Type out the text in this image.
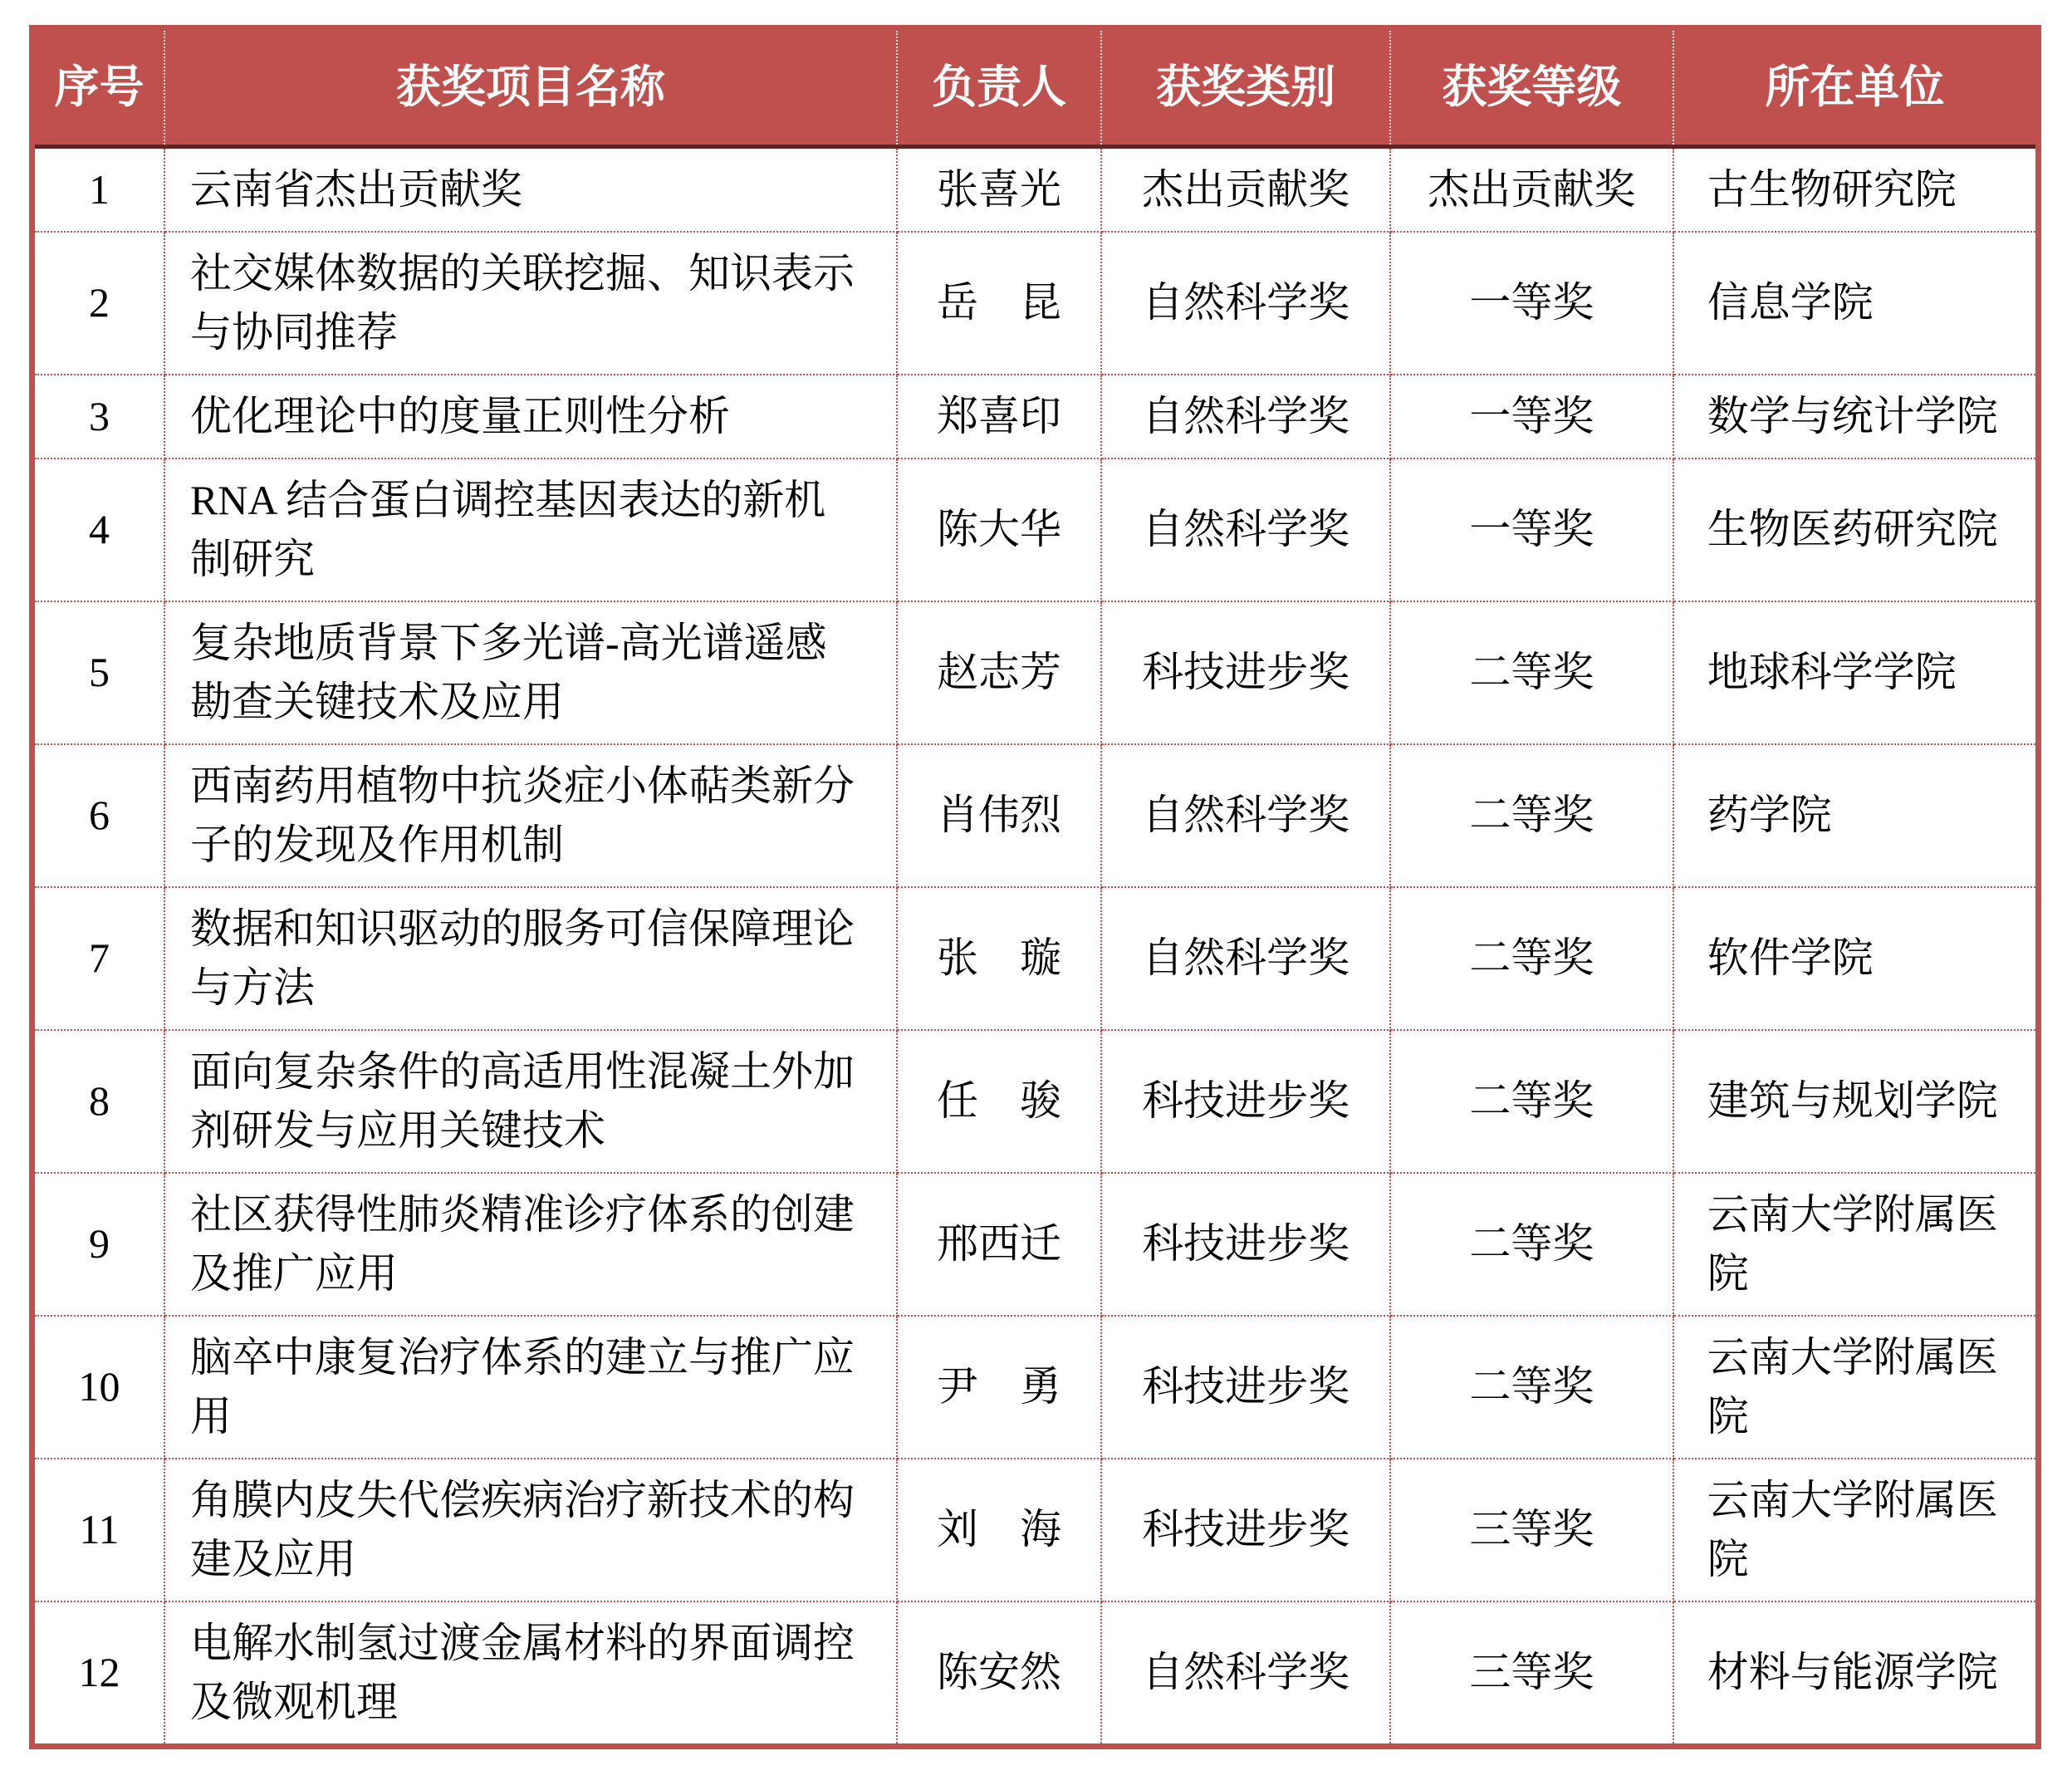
序号	获奖项目名称	负责人	获奖类别	获奖等级	所在单位
1	云南省杰出贡献奖	张喜光	杰出贡献奖	杰出贡献奖	古生物研究院
2	社交媒体数据的关联挖掘、知识表示与协同推荐	岳　昆	自然科学奖	一等奖	信息学院
3	优化理论中的度量正则性分析	郑喜印	自然科学奖	一等奖	数学与统计学院
4	RNA 结合蛋白调控基因表达的新机制研究	陈大华	自然科学奖	一等奖	生物医药研究院
5	复杂地质背景下多光谱-高光谱遥感勘查关键技术及应用	赵志芳	科技进步奖	二等奖	地球科学学院
6	西南药用植物中抗炎症小体萜类新分子的发现及作用机制	肖伟烈	自然科学奖	二等奖	药学院
7	数据和知识驱动的服务可信保障理论与方法	张　璇	自然科学奖	二等奖	软件学院
8	面向复杂条件的高适用性混凝土外加剂研发与应用关键技术	任　骏	科技进步奖	二等奖	建筑与规划学院
9	社区获得性肺炎精准诊疗体系的创建及推广应用	邢西迁	科技进步奖	二等奖	云南大学附属医院
10	脑卒中康复治疗体系的建立与推广应用	尹　勇	科技进步奖	二等奖	云南大学附属医院
11	角膜内皮失代偿疾病治疗新技术的构建及应用	刘　海	科技进步奖	三等奖	云南大学附属医院
12	电解水制氢过渡金属材料的界面调控及微观机理	陈安然	自然科学奖	三等奖	材料与能源学院
